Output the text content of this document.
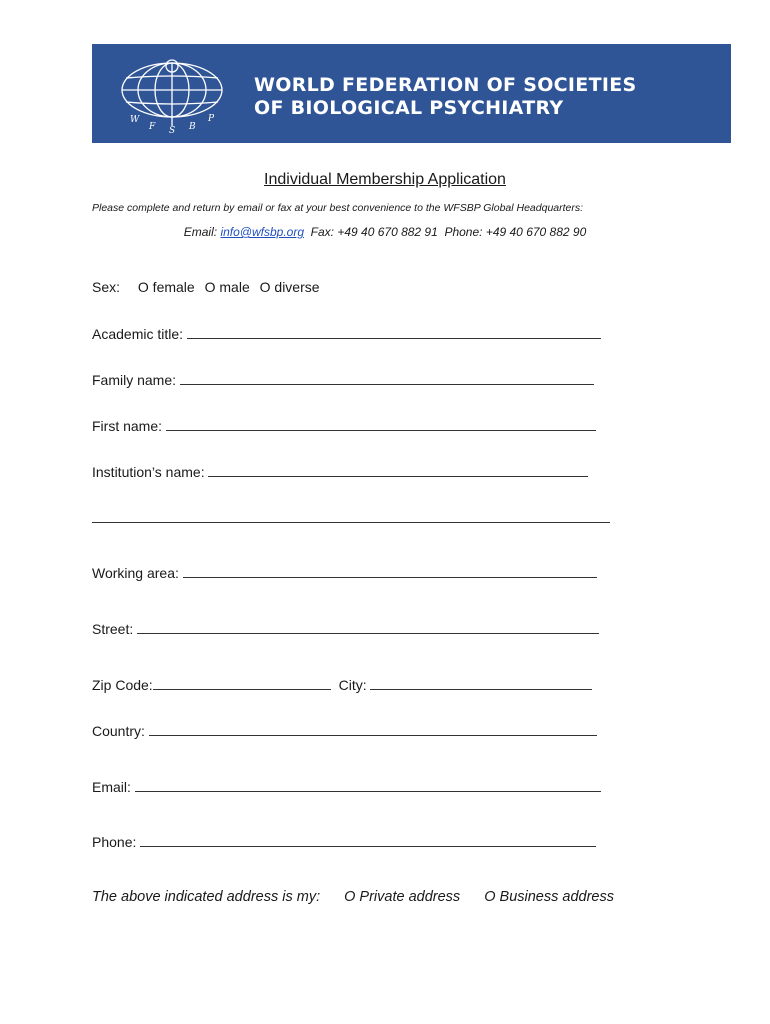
W
F S B
P
WORLD FEDERATION OF SOCIETIES
OF BIOLOGICAL PSYCHIATRY
Individual Membership Application
Please complete and return by email or fax at your best convenience to the WFSBP Global Headquarters:
Email: info@wfsbp.org Fax: +49 40 670 882 91 Phone: +49 40 670 882 90
Sex: O female O male O diverse
Academic title:
Family name:
First name:
Institution’s name:
Working area:
Street:
Zip Code:	City:
Country:
Email:
Phone:
The above indicated address is my: O Private address O Business address
